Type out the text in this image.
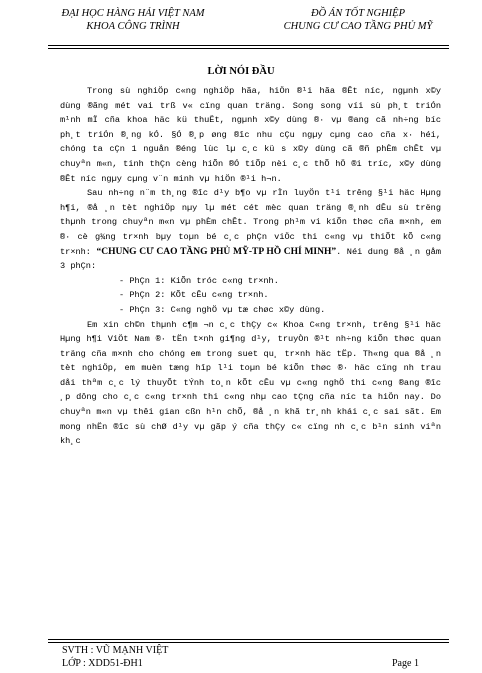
ĐẠI HỌC HÀNG HẢI VIỆT NAM
KHOA CÔNG TRÌNH
ĐỒ ÁN TỐT NGHIỆP
CHUNG CƯ CAO TẦNG PHỦ MỸ
LỜI NÓI ĐẦU

Trong sù nghiÖp c«ng nghiÖp hãa, hiÖn ®¹i hãa ®Êt níc, ngµnh x©y dùng ®ãng mét vai trß v« cïng quan träng. Song song víi sù ph¸t triÓn m¹nh mÏ cña khoa häc kü thuËt, ngµnh x©y dùng ®· vµ ®ang cã nh÷ng bíc ph¸t triÓn ®¸ng kÓ. §Ó ®¸p øng ®îc nhu cÇu ngµy cµng cao cña x· héi, chóng ta cÇn 1 nguån ®éng lùc lµ c¸c kü s x©y dùng cã ®ñ phÈm chÊt vµ chuyªn m«n, tinh thÇn cèng hiÕn ®Ó tiÕp nèi c¸c thÕ hÖ ®i tríc, x©y dùng ®Êt níc ngµy cµng v¨n minh vµ hiÖn ®¹i h¬n.

Sau nh÷ng n¨m th¸ng ®îc d¹y b¶o vµ rÌn luyÖn t¹i trêng §¹i häc Hµng h¶i, ®å ¸n tèt nghiÖp nµy lµ mét cét mèc quan träng ®¸nh dÊu sù trëng thµnh trong chuyªn m«n vµ phÈm chÊt. Trong ph¹m vi kiÕn thøc cña m×nh, em ®· cè g¾ng tr×nh bµy toµn bé c¸c phÇn viÖc thi c«ng vµ thiÕt kÕ c«ng tr×nh: “CHUNG CƯ CAO TẦNG PHỦ MỸ-TP HỒ CHÍ MINH”. Néi dung ®å ¸n gåm 3 phÇn:

- PhÇn 1: KiÕn tróc c«ng tr×nh.

- PhÇn 2: KÕt cÊu c«ng tr×nh.

- PhÇn 3: C«ng nghÖ vµ tæ chøc x©y dùng.

Em xin ch©n thµnh c¶m ¬n c¸c thÇy c« Khoa C«ng tr×nh, trêng §¹i häc Hµng h¶i ViÖt Nam ®· tËn t×nh gi¶ng d¹y, truyÒn ®¹t nh÷ng kiÕn thøc quan träng cña m×nh cho chóng em trong suet qu¸ tr×nh häc tËp. Th«ng qua ®å ¸n tèt nghiÖp, em muèn tæng hîp l¹i toµn bé kiÕn thøc ®· häc cïng nh trau dåi thªm c¸c lý thuyÕt tÝnh to¸n kÕt cÊu vµ c«ng nghÖ thi c«ng ®ang ®îc ¸p dông cho c¸c c«ng tr×nh thi c«ng nhµ cao tÇng cña níc ta hiÖn nay. Do chuyªn m«n vµ thêi gian cßn h¹n chÕ, ®å ¸n khã tr¸nh khái c¸c sai sãt. Em mong nhËn ®îc sù chØ d¹y vµ gãp ý cña thÇy c« cïng nh c¸c b¹n sinh viªn kh¸c

SVTH : VŨ MẠNH VIỆT
LỚP : XDD51-ĐH1	Page 1
